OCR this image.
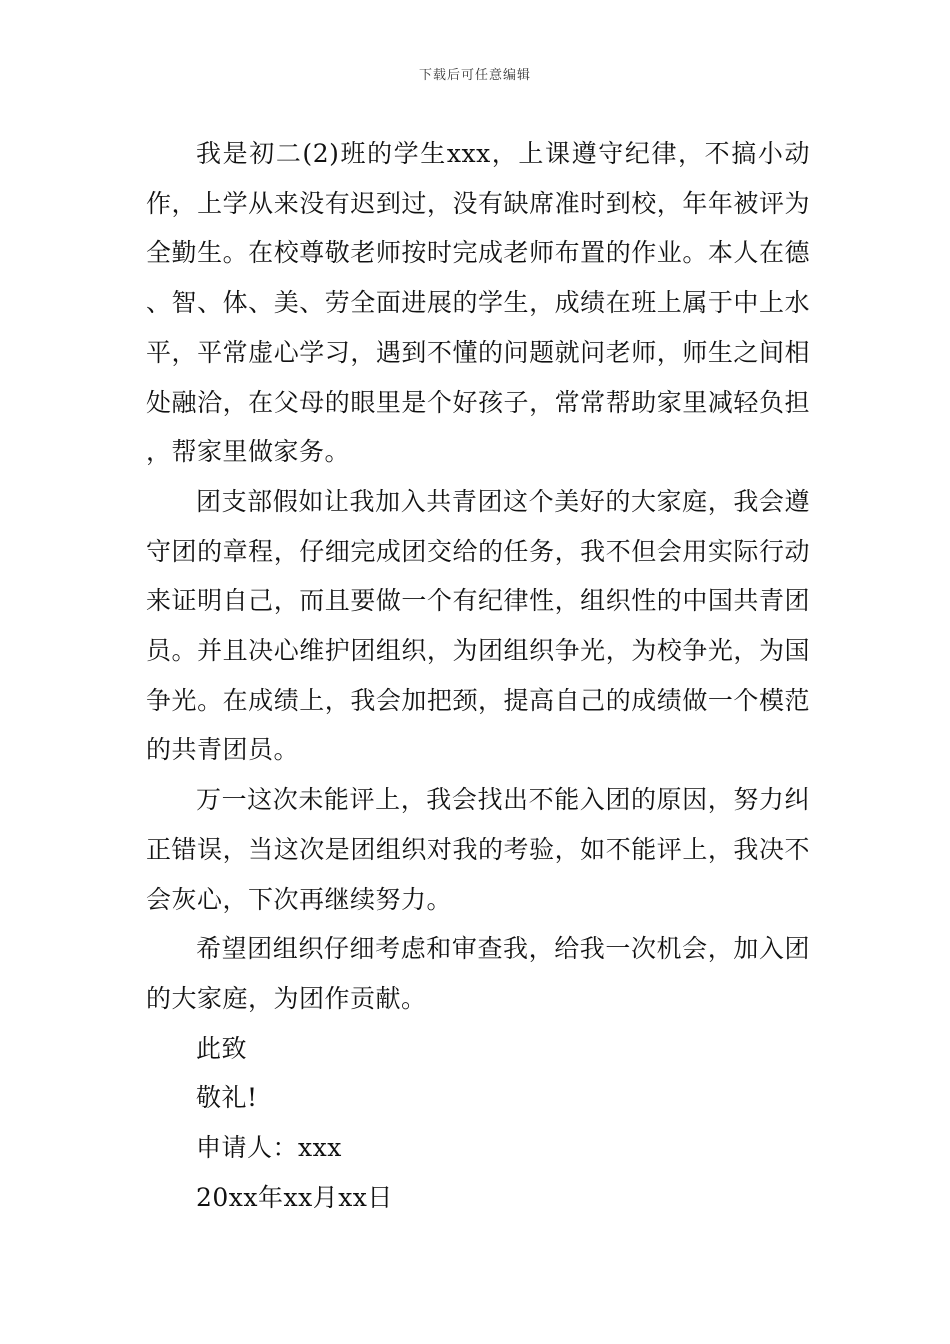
下载后可任意编辑

我是初二(2)班的学生xxx，上课遵守纪律，不搞小动作，上学从来没有迟到过，没有缺席准时到校，年年被评为全勤生。在校尊敬老师按时完成老师布置的作业。本人在德、智、体、美、劳全面进展的学生，成绩在班上属于中上水平，平常虚心学习，遇到不懂的问题就问老师，师生之间相处融洽，在父母的眼里是个好孩子，常常帮助家里减轻负担，帮家里做家务。

团支部假如让我加入共青团这个美好的大家庭，我会遵守团的章程，仔细完成团交给的任务，我不但会用实际行动来证明自己，而且要做一个有纪律性，组织性的中国共青团员。并且决心维护团组织，为团组织争光，为校争光，为国争光。在成绩上，我会加把颈，提高自己的成绩做一个模范的共青团员。

万一这次未能评上，我会找出不能入团的原因，努力纠正错误，当这次是团组织对我的考验，如不能评上，我决不会灰心，下次再继续努力。

希望团组织仔细考虑和审查我，给我一次机会，加入团的大家庭，为团作贡献。

此致

敬礼!

申请人：xxx

20xx年xx月xx日
